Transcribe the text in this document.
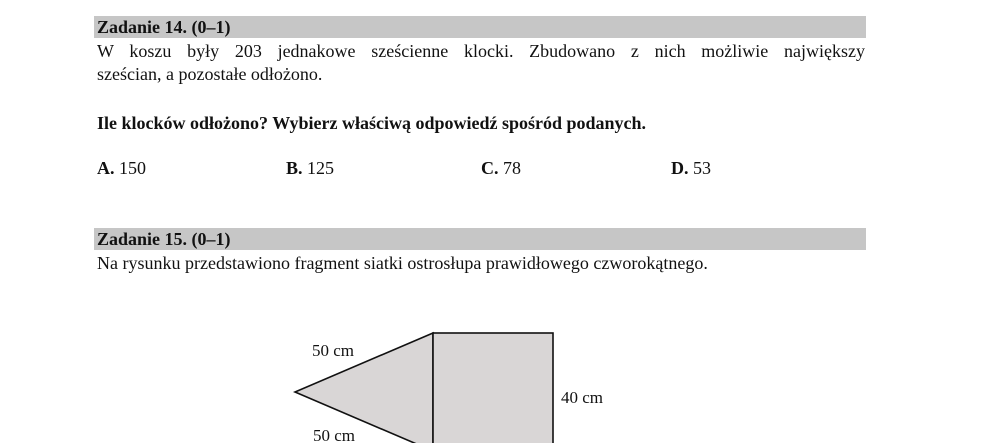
Zadanie 14. (0–1)
W koszu były 203 jednakowe sześcienne klocki. Zbudowano z nich możliwie największy
sześcian, a pozostałe odłożono.
Ile klocków odłożono? Wybierz właściwą odpowiedź spośród podanych.
A. 150	B. 125	C. 78	D. 53
Zadanie 15. (0–1)
Na rysunku przedstawiono fragment siatki ostrosłupa prawidłowego czworokątnego.
50 cm
50 cm
40 cm
